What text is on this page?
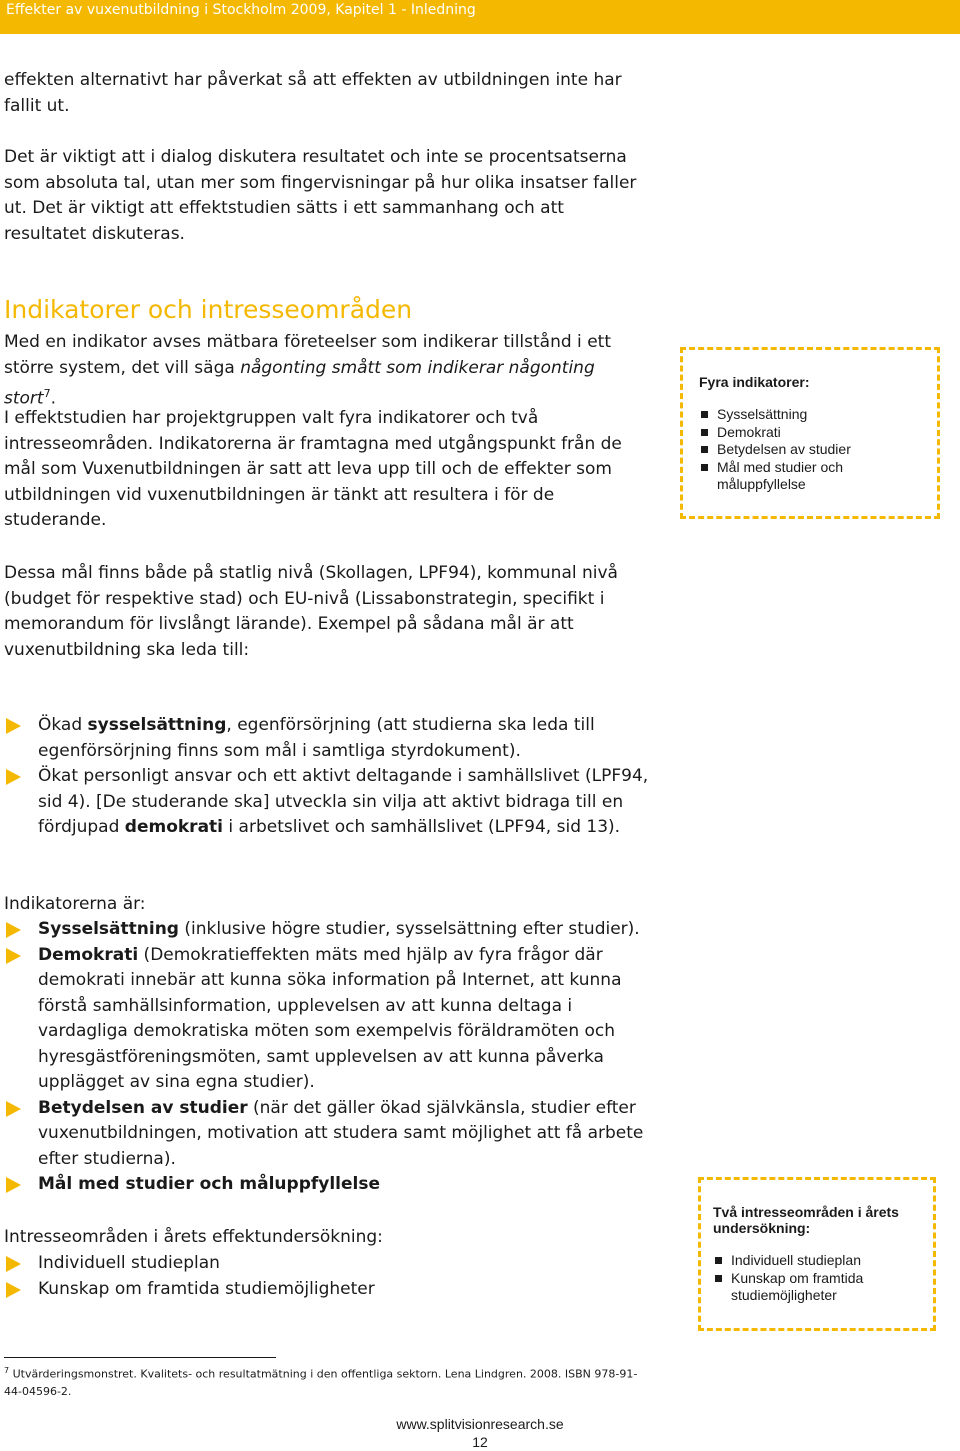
Effekter av vuxenutbildning i Stockholm 2009, Kapitel 1 - Inledning

effekten alternativt har påverkat så att effekten av utbildningen inte har fallit ut.

Det är viktigt att i dialog diskutera resultatet och inte se procentsatserna som absoluta tal, utan mer som fingervisningar på hur olika insatser faller ut. Det är viktigt att effektstudien sätts i ett sammanhang och att resultatet diskuteras.

Indikatorer och intresseområden

Med en indikator avses mätbara företeelser som indikerar tillstånd i ett större system, det vill säga någonting smått som indikerar någonting stort$^7$.

I effektstudien har projektgruppen valt fyra indikatorer och två intresseområden. Indikatorerna är framtagna med utgångspunkt från de mål som Vuxenutbildningen är satt att leva upp till och de effekter som utbildningen vid vuxenutbildningen är tänkt att resultera i för de studerande.

Dessa mål finns både på statlig nivå (Skollagen, LPF94), kommunal nivå (budget för respektive stad) och EU-nivå (Lissabonstrategin, specifikt i memorandum för livslångt lärande). Exempel på sådana mål är att vuxenutbildning ska leda till:

Ökad sysselsättning, egenförsörjning (att studierna ska leda till egenförsörjning finns som mål i samtliga styrdokument).
Ökat personligt ansvar och ett aktivt deltagande i samhällslivet (LPF94, sid 4). [De studerande ska] utveckla sin vilja att aktivt bidraga till en fördjupad demokrati i arbetslivet och samhällslivet (LPF94, sid 13).

Indikatorerna är:

Sysselsättning (inklusive högre studier, sysselsättning efter studier).
Demokrati (Demokratieffekten mäts med hjälp av fyra frågor där demokrati innebär att kunna söka information på Internet, att kunna förstå samhällsinformation, upplevelsen av att kunna deltaga i vardagliga demokratiska möten som exempelvis föräldramöten och hyresgästföreningsmöten, samt upplevelsen av att kunna påverka upplägget av sina egna studier).
Betydelsen av studier (när det gäller ökad självkänsla, studier efter vuxenutbildningen, motivation att studera samt möjlighet att få arbete efter studierna).
Mål med studier och måluppfyllelse

Intresseområden i årets effektundersökning:

Individuell studieplan
Kunskap om framtida studiemöjligheter
Fyra indikatorer:
Sysselsättning
Demokrati
Betydelsen av studier
Mål med studier och måluppfyllelse
Två intresseområden i årets undersökning:
Individuell studieplan
Kunskap om framtida studiemöjligheter
$^7$ Utvärderingsmonstret. Kvalitets- och resultatmätning i den offentliga sektorn. Lena Lindgren. 2008. ISBN 978-91-44-04596-2.
www.splitvisionresearch.se
12
